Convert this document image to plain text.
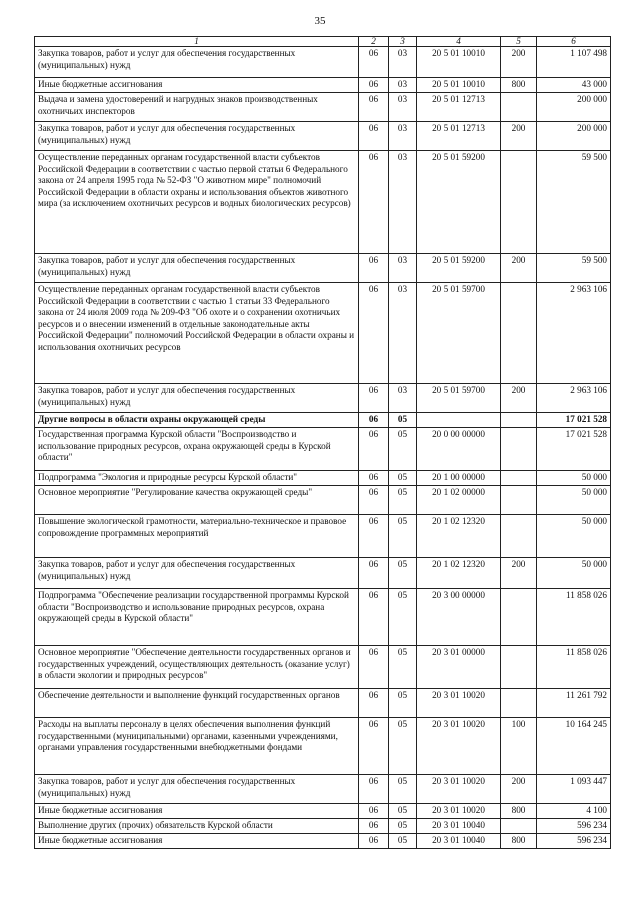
35
1	2	3	4	5	6
Закупка товаров, работ и услуг для обеспечения государственных (муниципальных) нужд	06	03	20 5 01 10010	200	1 107 498
Иные бюджетные ассигнования	06	03	20 5 01 10010	800	43 000
Выдача и замена удостоверений и нагрудных знаков производственных охотничьих инспекторов	06	03	20 5 01 12713		200 000
Закупка товаров, работ и услуг для обеспечения государственных (муниципальных) нужд	06	03	20 5 01 12713	200	200 000
Осуществление переданных органам государственной власти субъектов Российской Федерации в соответствии с частью первой статьи 6 Федерального закона от 24 апреля 1995 года № 52-ФЗ "О животном мире" полномочий Российской Федерации в области охраны и использования объектов животного мира (за исключением охотничьих ресурсов и водных биологических ресурсов)	06	03	20 5 01 59200		59 500
Закупка товаров, работ и услуг для обеспечения государственных (муниципальных) нужд	06	03	20 5 01 59200	200	59 500
Осуществление переданных органам государственной власти субъектов Российской Федерации в соответствии с частью 1 статьи 33 Федерального закона от 24 июля 2009 года № 209-ФЗ "Об охоте и о сохранении охотничьих ресурсов и о внесении изменений в отдельные законодательные акты Российской Федерации" полномочий Российской Федерации в области охраны и использования охотничьих ресурсов	06	03	20 5 01 59700		2 963 106
Закупка товаров, работ и услуг для обеспечения государственных (муниципальных) нужд	06	03	20 5 01 59700	200	2 963 106
Другие вопросы в области охраны окружающей среды	06	05			17 021 528
Государственная программа Курской области "Воспроизводство и использование природных ресурсов, охрана окружающей среды в Курской области"	06	05	20 0 00 00000		17 021 528
Подпрограмма "Экология и природные ресурсы Курской области"	06	05	20 1 00 00000		50 000
Основное мероприятие "Регулирование качества окружающей среды"	06	05	20 1 02 00000		50 000
Повышение экологической грамотности, материально-техническое и правовое сопровождение программных мероприятий	06	05	20 1 02 12320		50 000
Закупка товаров, работ и услуг для обеспечения государственных (муниципальных) нужд	06	05	20 1 02 12320	200	50 000
Подпрограмма "Обеспечение реализации государственной программы Курской области "Воспроизводство и использование природных ресурсов, охрана окружающей среды в Курской области"	06	05	20 3 00 00000		11 858 026
Основное мероприятие "Обеспечение деятельности государственных органов и государственных учреждений, осуществляющих деятельность (оказание услуг) в области экологии и природных ресурсов"	06	05	20 3 01 00000		11 858 026
Обеспечение деятельности и выполнение функций государственных органов	06	05	20 3 01 10020		11 261 792
Расходы на выплаты персоналу в целях обеспечения выполнения функций государственными (муниципальными) органами, казенными учреждениями, органами управления государственными внебюджетными фондами	06	05	20 3 01 10020	100	10 164 245
Закупка товаров, работ и услуг для обеспечения государственных (муниципальных) нужд	06	05	20 3 01 10020	200	1 093 447
Иные бюджетные ассигнования	06	05	20 3 01 10020	800	4 100
Выполнение других (прочих) обязательств Курской области	06	05	20 3 01 10040		596 234
Иные бюджетные ассигнования	06	05	20 3 01 10040	800	596 234
